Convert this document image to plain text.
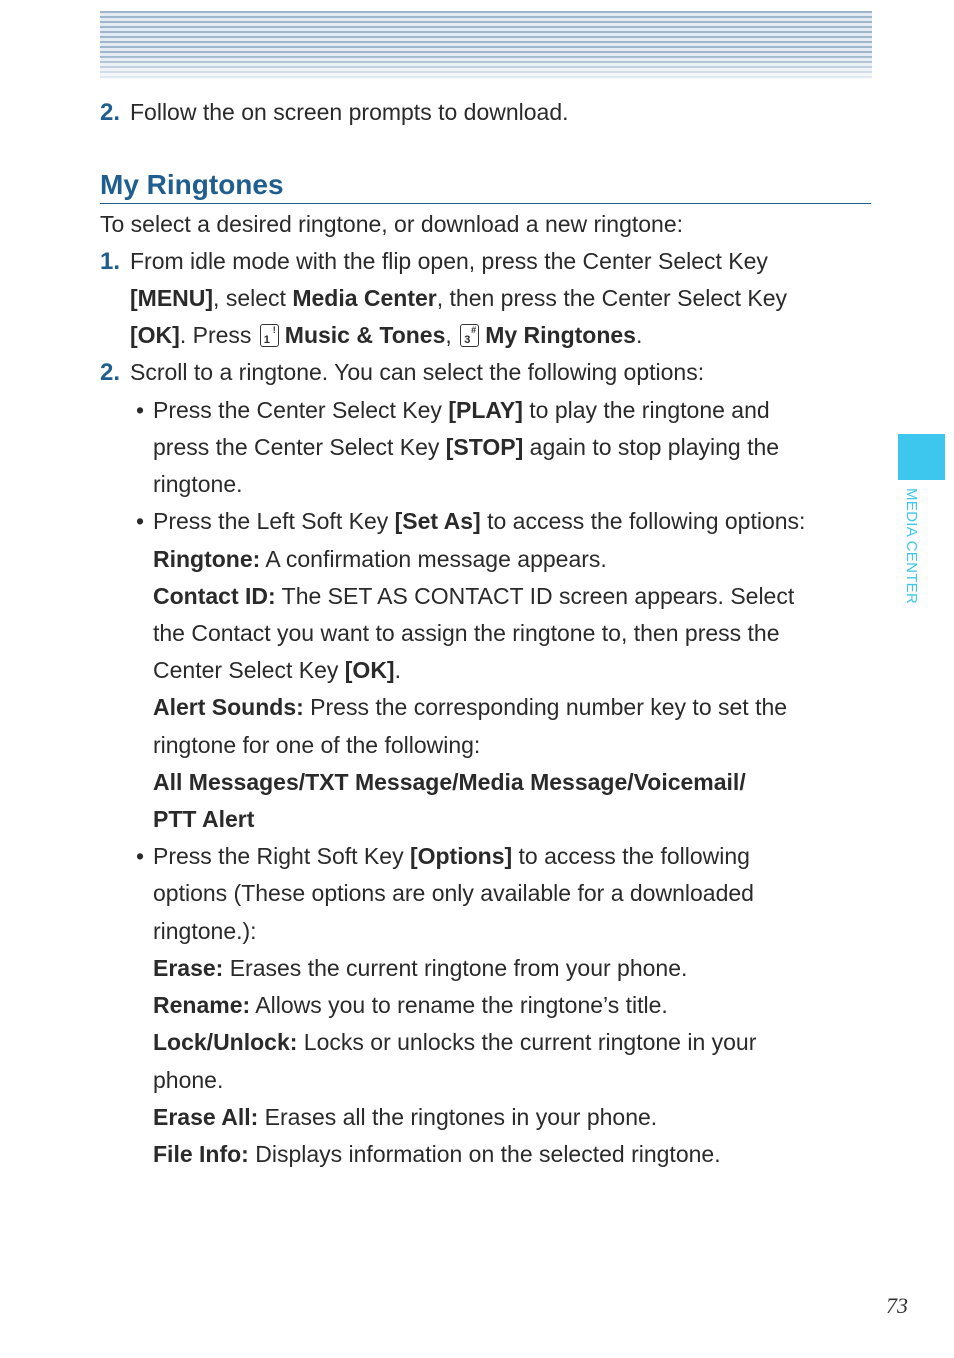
2. Follow the on screen prompts to download.
My Ringtones
To select a desired ringtone, or download a new ringtone:
1. From idle mode with the flip open, press the Center Select Key
[MENU], select Media Center, then press the Center Select Key
[OK]. Press 1
! Music & Tones, 3
# My Ringtones.
2. Scroll to a ringtone. You can select the following options:
• Press the Center Select Key [PLAY] to play the ringtone and
press the Center Select Key [STOP] again to stop playing the
ringtone.
• Press the Left Soft Key [Set As] to access the following options:
Ringtone: A confirmation message appears.
Contact ID: The SET AS CONTACT ID screen appears. Select
the Contact you want to assign the ringtone to, then press the
Center Select Key [OK].
Alert Sounds: Press the corresponding number key to set the
ringtone for one of the following:
All Messages/TXT Message/Media Message/Voicemail/
PTT Alert
• Press the Right Soft Key [Options] to access the following
options (These options are only available for a downloaded
ringtone.):
Erase: Erases the current ringtone from your phone.
Rename: Allows you to rename the ringtone’s title.
Lock/Unlock: Locks or unlocks the current ringtone in your
phone.
Erase All: Erases all the ringtones in your phone.
File Info: Displays information on the selected ringtone.
MEDIA CENTER
73
